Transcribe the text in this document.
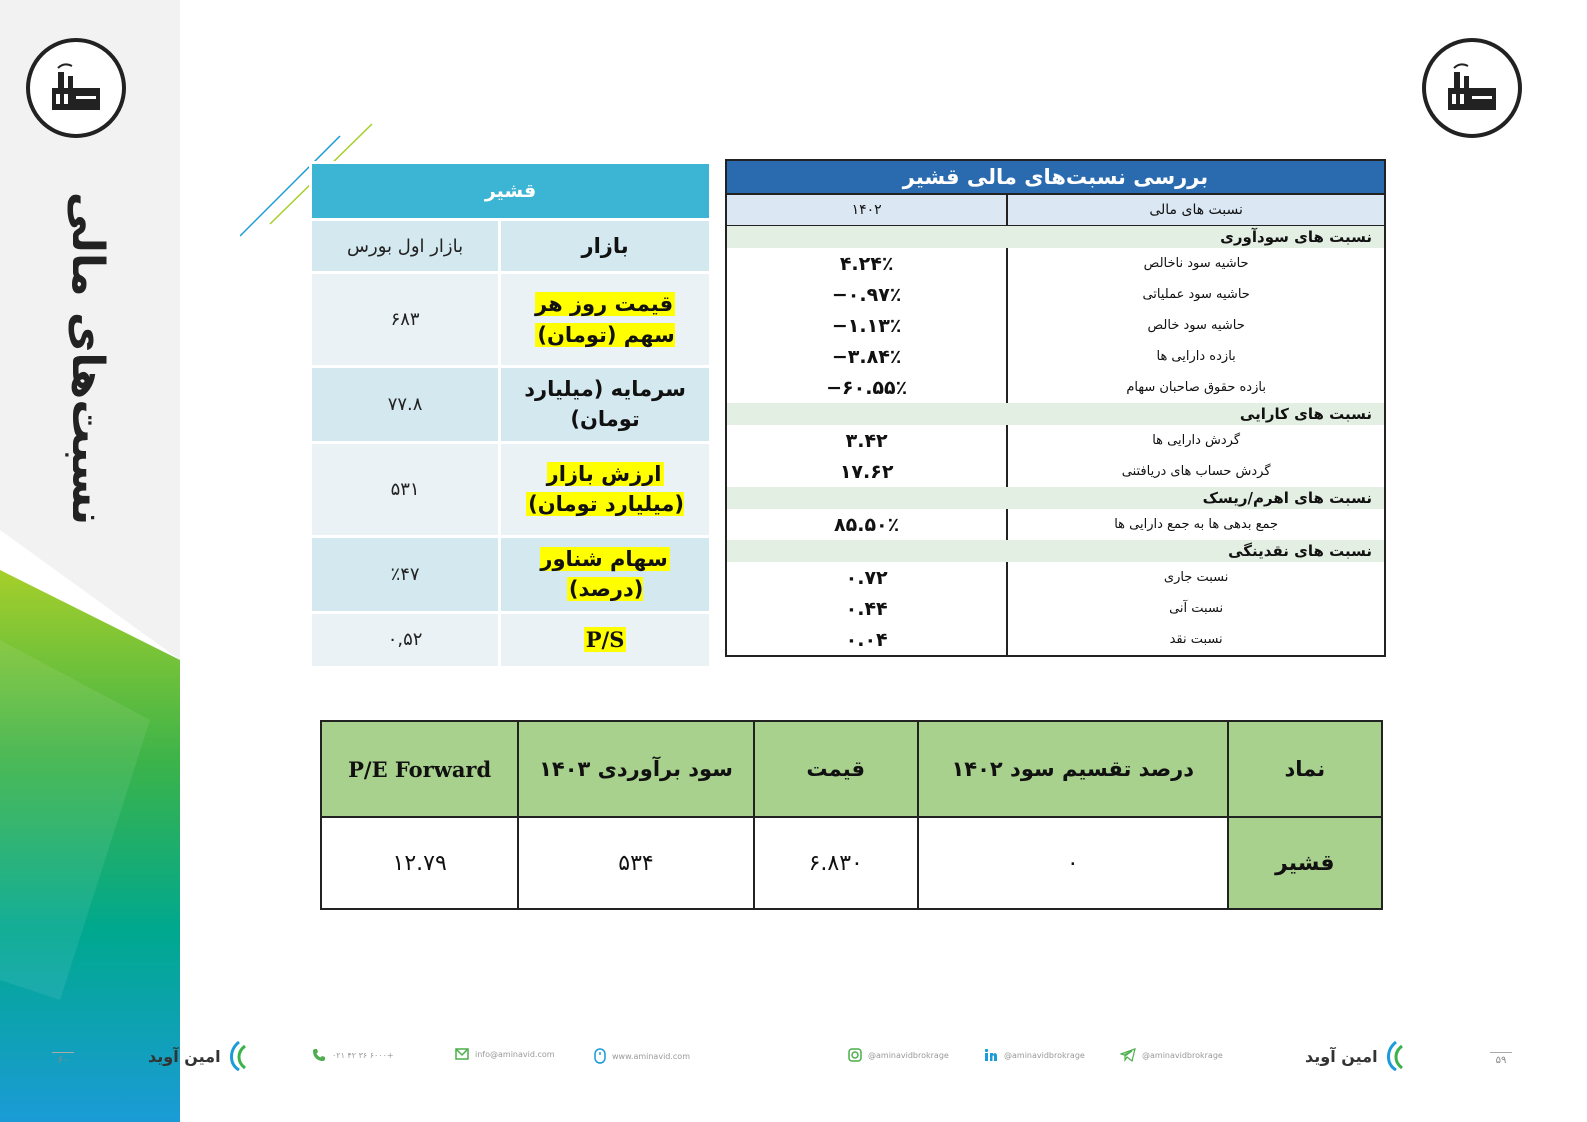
نسبت‌های مالی
قشیر	
بازار	بازار اول بورس
قیمت روز هر سهم (تومان)	۶۸۳
سرمایه (میلیارد تومان)	۷۷.۸
ارزش بازار (میلیارد تومان)	۵۳۱
سهام شناور (درصد)	٪۴۷
P/S	۰,۵۲
بررسی نسبت‌های مالی قشیر	
نسبت های مالی	۱۴۰۲
نسبت های سودآوری	
حاشیه سود ناخالص	۴.۲۴٪
حاشیه سود عملیاتی	−۰.۹۷٪
حاشیه سود خالص	−۱.۱۳٪
بازده دارایی ها	−۳.۸۴٪
بازده حقوق صاحبان سهام	−۶۰.۵۵٪
نسبت های کارایی	
گردش دارایی ها	۳.۴۲
گردش حساب های دریافتنی	۱۷.۶۲
نسبت های اهرم/ریسک	
جمع بدهی ها به جمع دارایی ها	۸۵.۵۰٪
نسبت های نقدینگی	
نسبت جاری	۰.۷۲
نسبت آنی	۰.۴۴
نسبت نقد	۰.۰۴
نماد	درصد تقسیم سود ۱۴۰۲	قیمت	سود برآوردی ۱۴۰۳	P/E Forward
قشیر	۰	۶.۸۳۰	۵۳۴	۱۲.۷۹
۶۰	۵۹
امین آوید	امین آوید
۰۲۱ ۴۲ ۳۶ ۶۰۰۰+	info@aminavid.com	www.aminavid.com	@aminavidbrokrage	@aminavidbrokrage	@aminavidbrokrage
